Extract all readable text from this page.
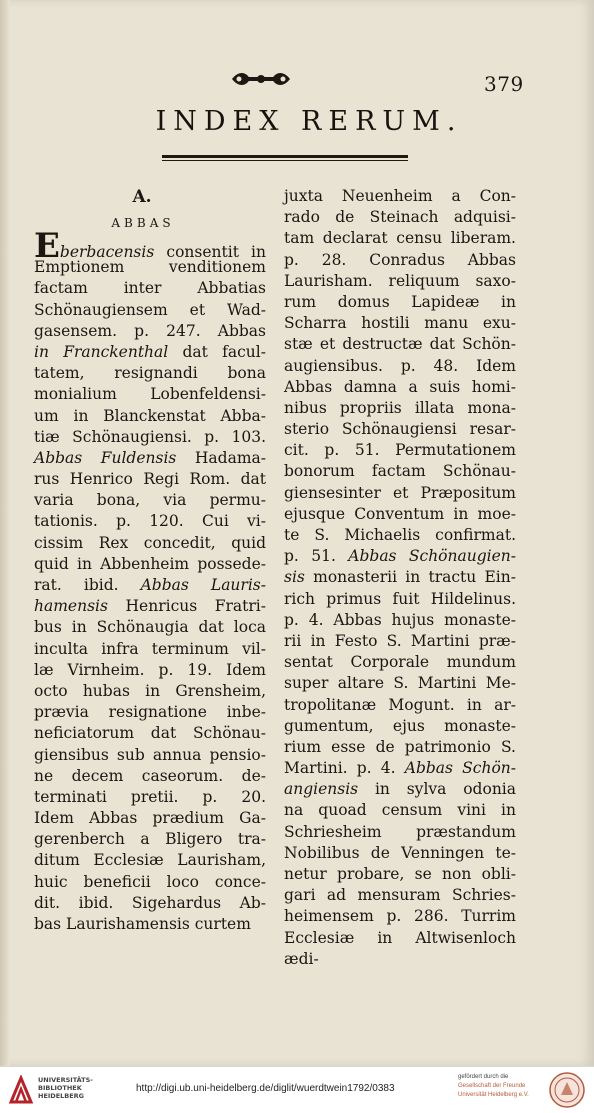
379
INDEX RERUM.
A.
ABBAS
Eberbacensis consentit in
Emptionem venditionem
factam inter Abbatias
Schönaugiensem et Wad-
gasensem. p. 247. Abbas
in Franckenthal dat facul-
tatem, resignandi bona
monialium Lobenfeldensi-
um in Blanckenstat Abba-
tiæ Schönaugiensi. p. 103.
Abbas Fuldensis Hadama-
rus Henrico Regi Rom. dat
varia bona, via permu-
tationis. p. 120. Cui vi-
cissim Rex concedit, quid
quid in Abbenheim possede-
rat. ibid. Abbas Lauris-
hamensis Henricus Fratri-
bus in Schönaugia dat loca
inculta infra terminum vil-
læ Virnheim. p. 19. Idem
octo hubas in Grensheim,
prævia resignatione inbe-
neficiatorum dat Schönau-
giensibus sub annua pensio-
ne decem caseorum. de-
terminati pretii. p. 20.
Idem Abbas prædium Ga-
gerenberch a Bligero tra-
ditum Ecclesiæ Laurisham,
huic beneficii loco conce-
dit. ibid. Sigehardus Ab-
bas Laurishamensis curtem
juxta Neuenheim a Con-
rado de Steinach adquisi-
tam declarat censu liberam.
p. 28. Conradus Abbas
Laurisham. reliquum saxo-
rum domus Lapideæ in
Scharra hostili manu exu-
stæ et destructæ dat Schön-
augiensibus. p. 48. Idem
Abbas damna a suis homi-
nibus propriis illata mona-
sterio Schönaugiensi resar-
cit. p. 51. Permutationem
bonorum factam Schönau-
giensesinter et Præpositum
ejusque Conventum in moe-
te S. Michaelis confirmat.
p. 51. Abbas Schönaugien-
sis monasterii in tractu Ein-
rich primus fuit Hildelinus.
p. 4. Abbas hujus monaste-
rii in Festo S. Martini præ-
sentat Corporale mundum
super altare S. Martini Me-
tropolitanæ Mogunt. in ar-
gumentum, ejus monaste-
rium esse de patrimonio S.
Martini. p. 4. Abbas Schön-
angiensis in sylva odonia
na quoad censum vini in
Schriesheim præstandum
Nobilibus de Venningen te-
netur probare, se non obli-
gari ad mensuram Schries-
heimensem p. 286. Turrim
Ecclesiæ in Altwisenloch
ædi-
UNIVERSITÄTS-
BIBLIOTHEK
HEIDELBERG
http://digi.ub.uni-heidelberg.de/diglit/wuerdtwein1792/0383
gefördert durch die
Gesellschaft der Freunde
Universität Heidelberg e.V.
